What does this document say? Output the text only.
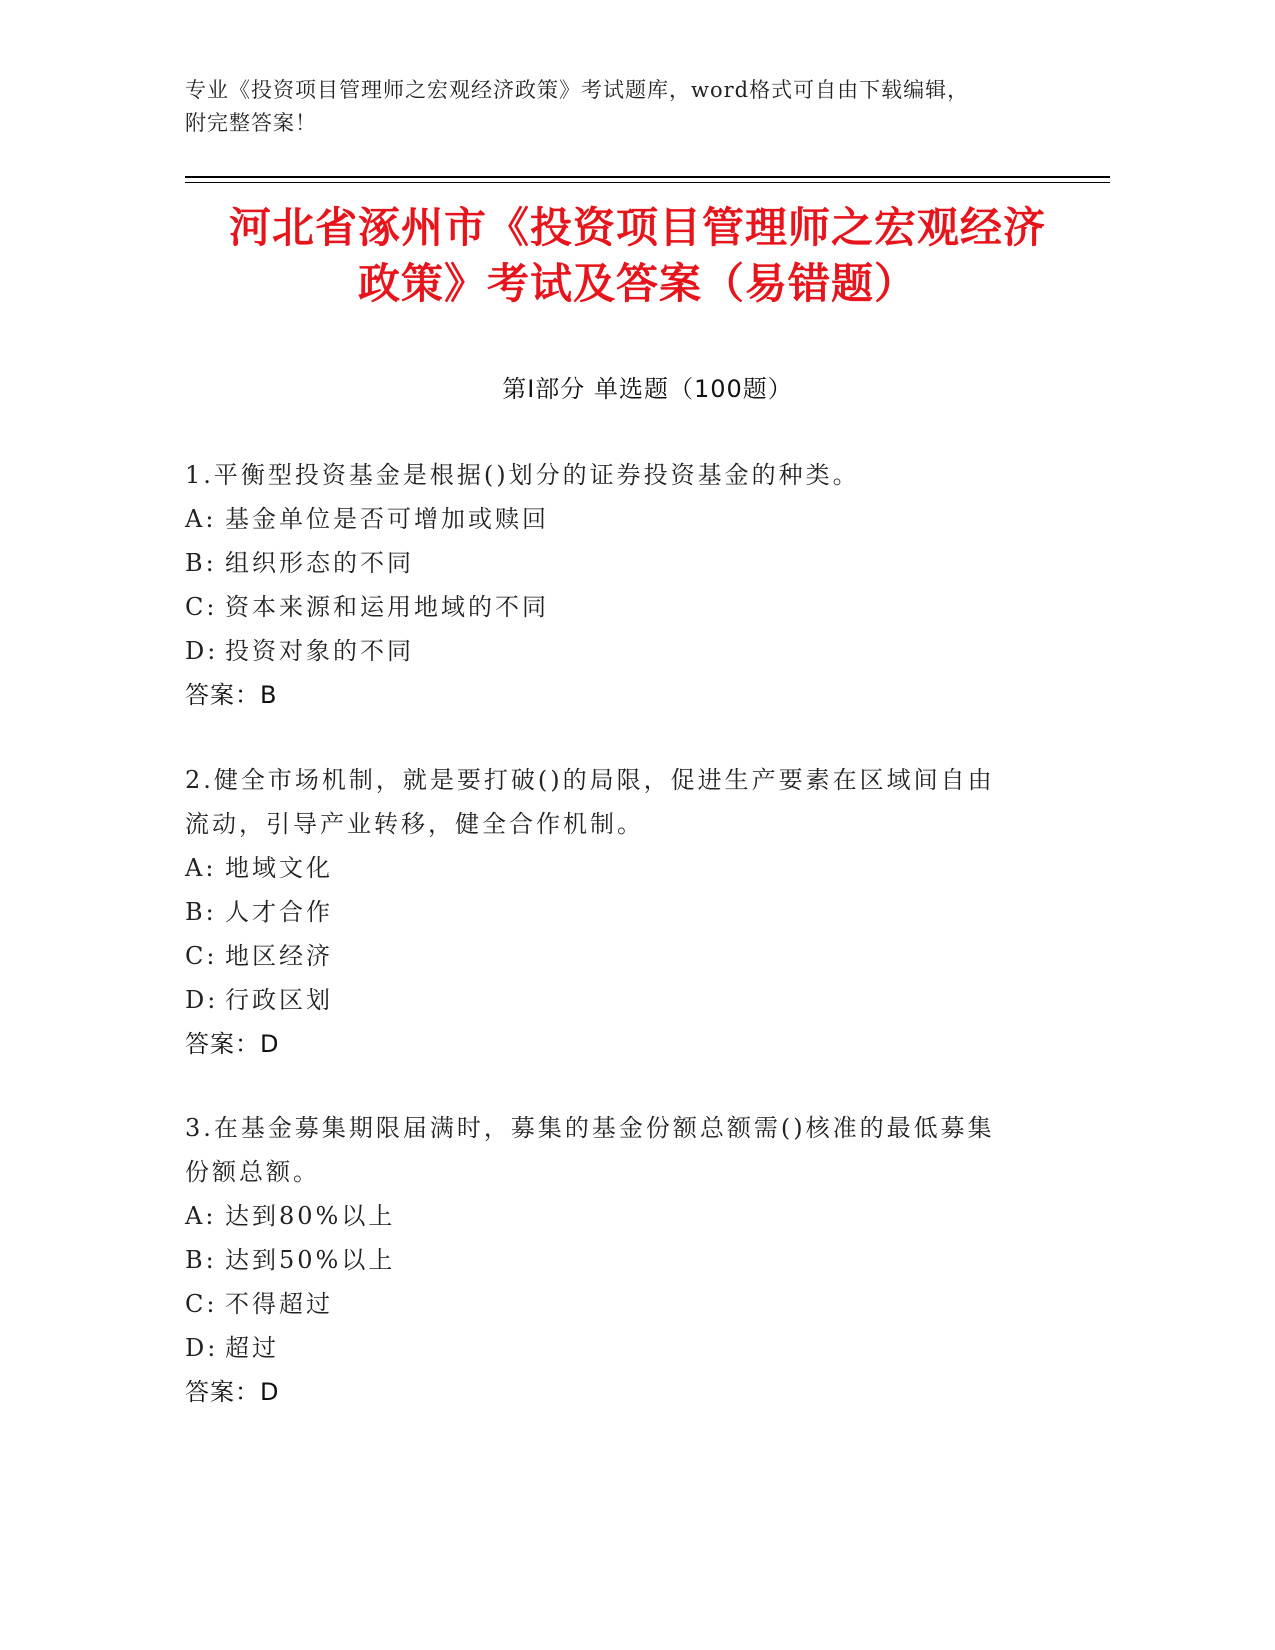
专业《投资项目管理师之宏观经济政策》考试题库，word格式可自由下载编辑，
附完整答案！
河北省涿州市《投资项目管理师之宏观经济
政策》考试及答案（易错题）
第Ⅰ部分 单选题（100题）

1.平衡型投资基金是根据()划分的证券投资基金的种类。

A: 基金单位是否可增加或赎回

B: 组织形态的不同

C: 资本来源和运用地域的不同

D: 投资对象的不同

答案：B

2.健全市场机制，就是要打破()的局限，促进生产要素在区域间自由

流动，引导产业转移，健全合作机制。

A: 地域文化

B: 人才合作

C: 地区经济

D: 行政区划

答案：D

3.在基金募集期限届满时，募集的基金份额总额需()核准的最低募集

份额总额。

A: 达到80%以上

B: 达到50%以上

C: 不得超过

D: 超过

答案：D
